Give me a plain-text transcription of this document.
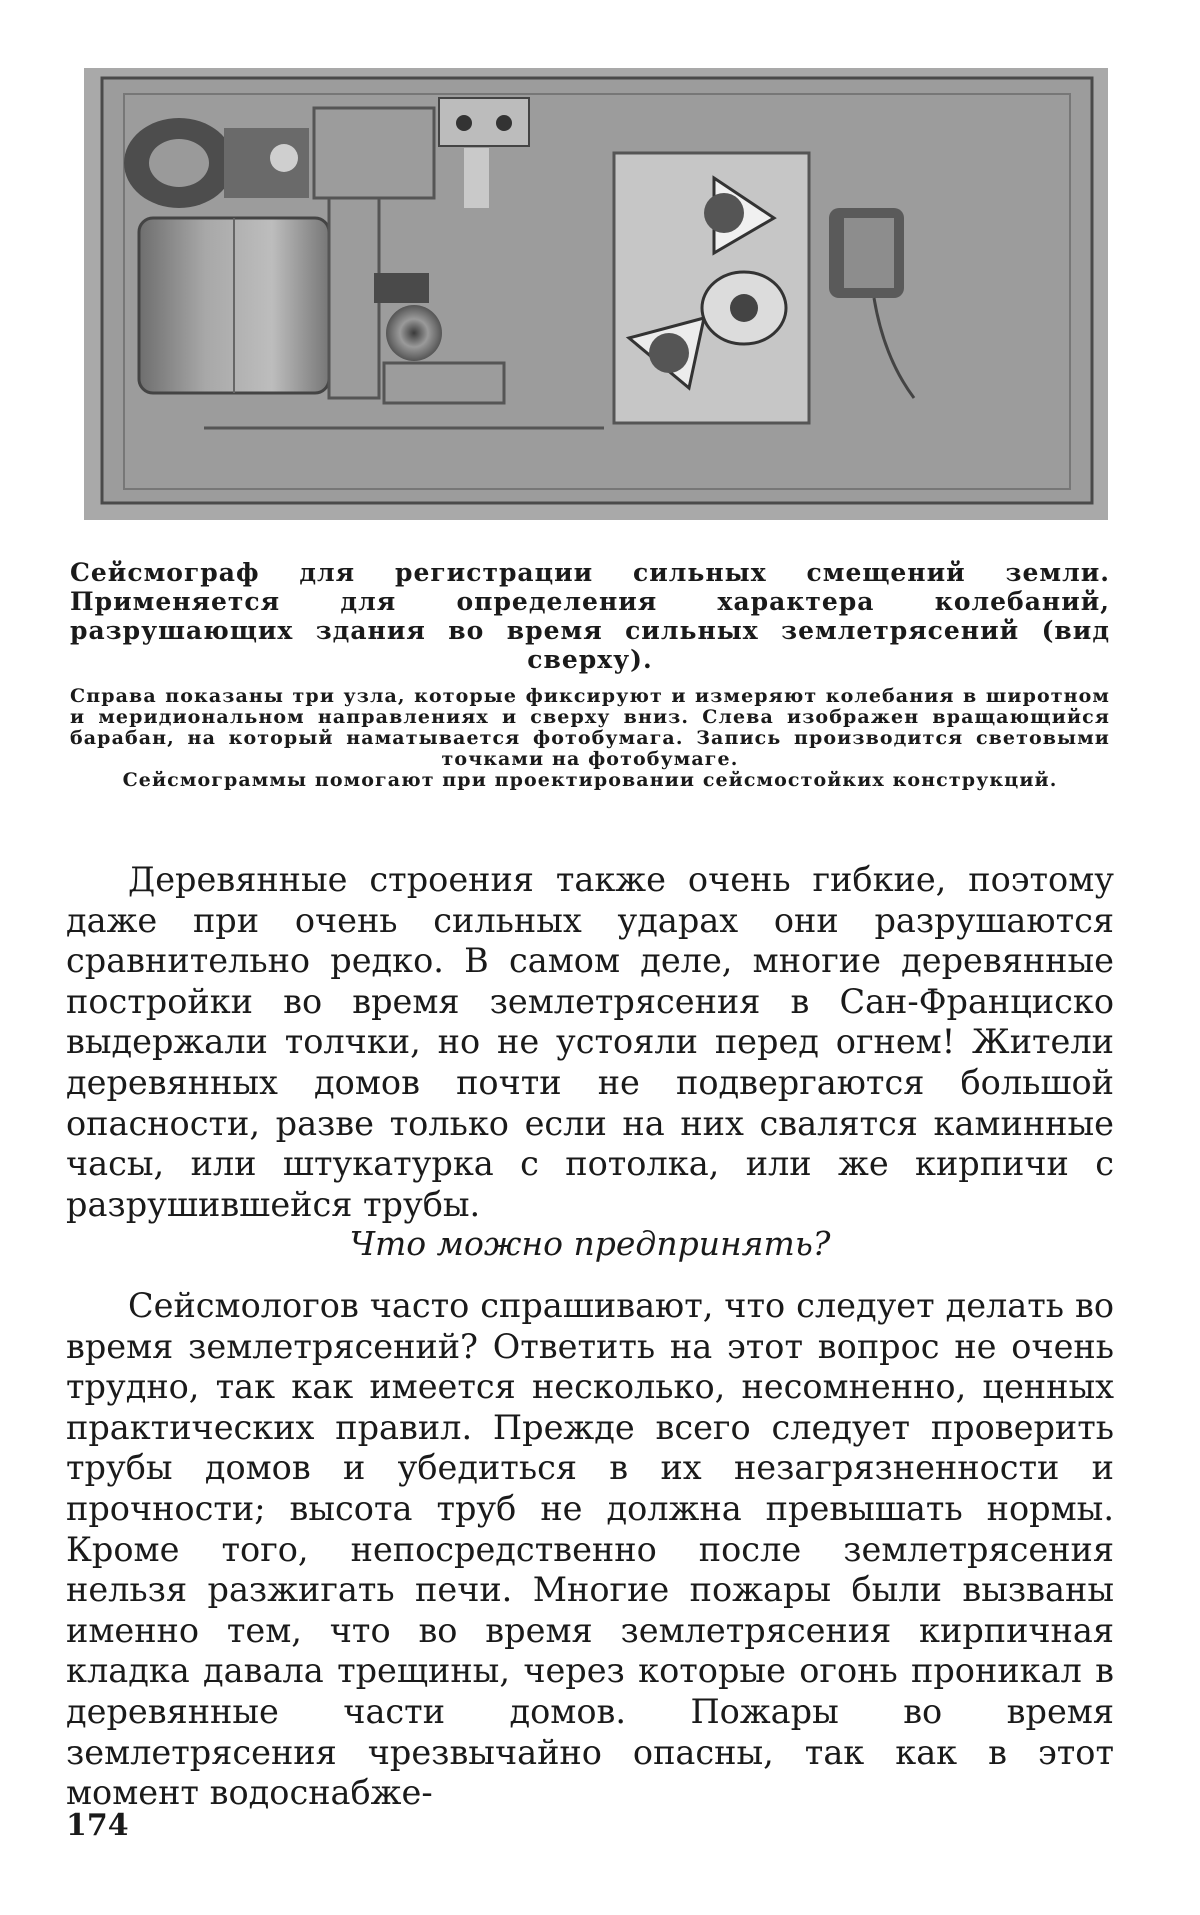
Сейсмограф для регистрации сильных смещений земли. Применяется для определения характера колебаний, разрушающих здания во время сильных землетрясений (вид сверху).
Справа показаны три узла, которые фиксируют и измеряют колебания в широтном и меридиональном направлениях и сверху вниз. Слева изображен вращающийся барабан, на который наматывается фотобумага. Запись производится световыми точками на фотобумаге.
Сейсмограммы помогают при проектировании сейсмостойких конструкций.
Деревянные строения также очень гибкие, поэтому даже при очень сильных ударах они разрушаются сравнительно редко. В самом деле, многие деревянные постройки во время землетрясения в Сан-Франциско выдержали толчки, но не устояли перед огнем! Жители деревянных домов почти не подвергаются большой опасности, разве только если на них свалятся каминные часы, или штукатурка с потолка, или же кирпичи с разрушившейся трубы.
Что можно предпринять?
Сейсмологов часто спрашивают, что следует делать во время землетрясений? Ответить на этот вопрос не очень трудно, так как имеется несколько, несомненно, ценных практических правил. Прежде всего следует проверить трубы домов и убедиться в их незагрязненности и прочности; высота труб не должна превышать нормы. Кроме того, непосредственно после землетрясения нельзя разжигать печи. Многие пожары были вызваны именно тем, что во время землетрясения кирпичная кладка давала трещины, через которые огонь проникал в деревянные части домов. Пожары во время землетрясения чрезвычайно опасны, так как в этот момент водоснабже-
174
